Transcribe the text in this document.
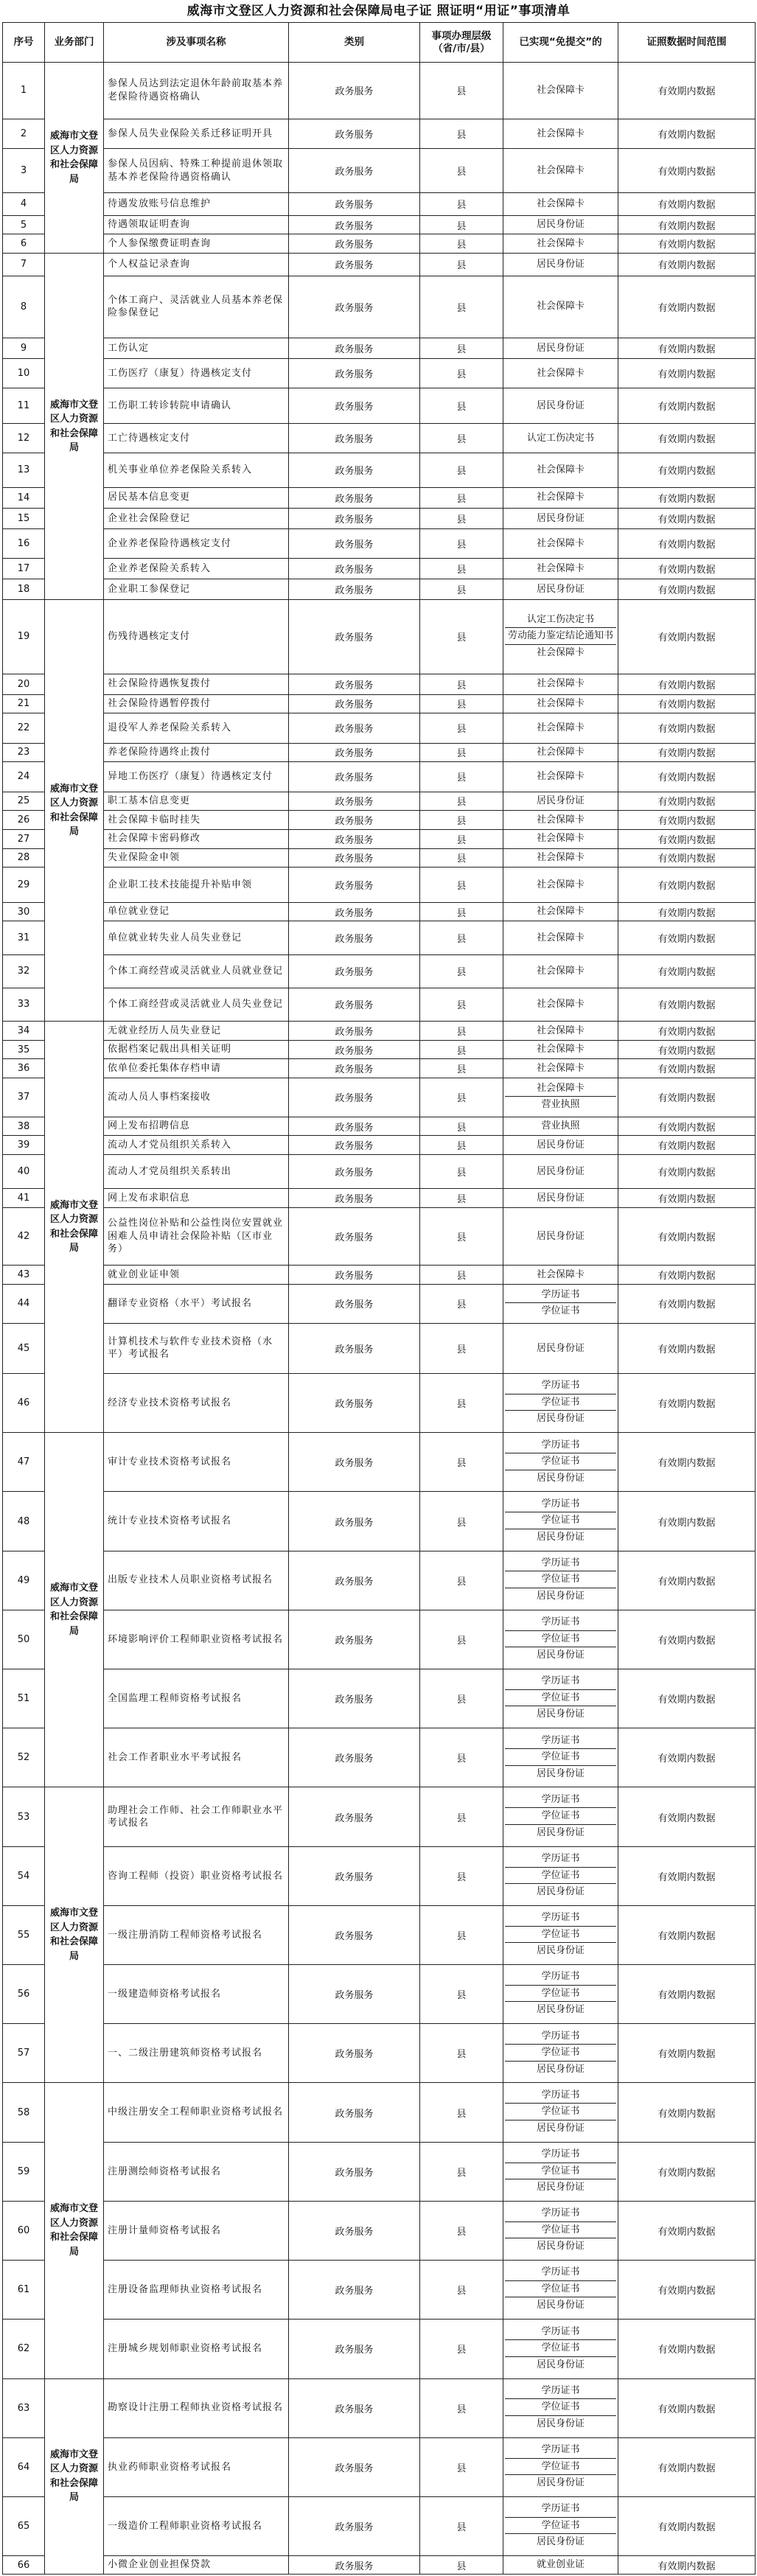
威海市文登区人力资源和社会保障局电子证 照证明“用证”事项清单
序号	业务部门	涉及事项名称	类别	事项办理层级（省/市/县）	已实现“免提交”的	证照数据时间范围
1	威海市文登区人力资源和社会保障局	参保人员达到法定退休年龄前取基本养老保险待遇资格确认	政务服务	县	社会保障卡	有效期内数据
2		参保人员失业保险关系迁移证明开具	政务服务	县	社会保障卡	有效期内数据
3		参保人员因病、特殊工种提前退休领取基本养老保险待遇资格确认	政务服务	县	社会保障卡	有效期内数据
4		待遇发放账号信息维护	政务服务	县	社会保障卡	有效期内数据
5		待遇领取证明查询	政务服务	县	居民身份证	有效期内数据
6		个人参保缴费证明查询	政务服务	县	社会保障卡	有效期内数据
7	威海市文登区人力资源和社会保障局	个人权益记录查询	政务服务	县	居民身份证	有效期内数据
8		个体工商户、灵活就业人员基本养老保险参保登记	政务服务	县	社会保障卡	有效期内数据
9		工伤认定	政务服务	县	居民身份证	有效期内数据
10		工伤医疗（康复）待遇核定支付	政务服务	县	社会保障卡	有效期内数据
11		工伤职工转诊转院申请确认	政务服务	县	居民身份证	有效期内数据
12		工亡待遇核定支付	政务服务	县	认定工伤决定书	有效期内数据
13		机关事业单位养老保险关系转入	政务服务	县	社会保障卡	有效期内数据
14		居民基本信息变更	政务服务	县	社会保障卡	有效期内数据
15		企业社会保险登记	政务服务	县	居民身份证	有效期内数据
16		企业养老保险待遇核定支付	政务服务	县	社会保障卡	有效期内数据
17		企业养老保险关系转入	政务服务	县	社会保障卡	有效期内数据
18		企业职工参保登记	政务服务	县	居民身份证	有效期内数据
19	威海市文登区人力资源和社会保障局	伤残待遇核定支付	政务服务	县	认定工伤决定书
劳动能力鉴定结论通知书
社会保障卡	有效期内数据
20		社会保险待遇恢复拨付	政务服务	县	社会保障卡	有效期内数据
21		社会保险待遇暂停拨付	政务服务	县	社会保障卡	有效期内数据
22		退役军人养老保险关系转入	政务服务	县	社会保障卡	有效期内数据
23		养老保险待遇终止拨付	政务服务	县	社会保障卡	有效期内数据
24		异地工伤医疗（康复）待遇核定支付	政务服务	县	社会保障卡	有效期内数据
25		职工基本信息变更	政务服务	县	居民身份证	有效期内数据
26		社会保障卡临时挂失	政务服务	县	社会保障卡	有效期内数据
27		社会保障卡密码修改	政务服务	县	社会保障卡	有效期内数据
28		失业保险金申领	政务服务	县	社会保障卡	有效期内数据
29		企业职工技术技能提升补贴申领	政务服务	县	社会保障卡	有效期内数据
30		单位就业登记	政务服务	县	社会保障卡	有效期内数据
31		单位就业转失业人员失业登记	政务服务	县	社会保障卡	有效期内数据
32		个体工商经营或灵活就业人员就业登记	政务服务	县	社会保障卡	有效期内数据
33		个体工商经营或灵活就业人员失业登记	政务服务	县	社会保障卡	有效期内数据
34	威海市文登区人力资源和社会保障局	无就业经历人员失业登记	政务服务	县	社会保障卡	有效期内数据
35		依据档案记载出具相关证明	政务服务	县	社会保障卡	有效期内数据
36		依单位委托集体存档申请	政务服务	县	社会保障卡	有效期内数据
37		流动人员人事档案接收	政务服务	县	社会保障卡
营业执照	有效期内数据
38		网上发布招聘信息	政务服务	县	营业执照	有效期内数据
39		流动人才党员组织关系转入	政务服务	县	居民身份证	有效期内数据
40		流动人才党员组织关系转出	政务服务	县	居民身份证	有效期内数据
41		网上发布求职信息	政务服务	县	居民身份证	有效期内数据
42		公益性岗位补贴和公益性岗位安置就业困难人员申请社会保险补贴（区市业务）	政务服务	县	居民身份证	有效期内数据
43		就业创业证申领	政务服务	县	社会保障卡	有效期内数据
44		翻译专业资格（水平）考试报名	政务服务	县	学历证书
学位证书	有效期内数据
45		计算机技术与软件专业技术资格（水平）考试报名	政务服务	县	居民身份证	有效期内数据
46		经济专业技术资格考试报名	政务服务	县	学历证书
学位证书
居民身份证	有效期内数据
47	威海市文登区人力资源和社会保障局	审计专业技术资格考试报名	政务服务	县	学历证书
学位证书
居民身份证	有效期内数据
48		统计专业技术资格考试报名	政务服务	县	学历证书
学位证书
居民身份证	有效期内数据
49		出版专业技术人员职业资格考试报名	政务服务	县	学历证书
学位证书
居民身份证	有效期内数据
50		环境影响评价工程师职业资格考试报名	政务服务	县	学历证书
学位证书
居民身份证	有效期内数据
51		全国监理工程师资格考试报名	政务服务	县	学历证书
学位证书
居民身份证	有效期内数据
52		社会工作者职业水平考试报名	政务服务	县	学历证书
学位证书
居民身份证	有效期内数据
53	威海市文登区人力资源和社会保障局	助理社会工作师、社会工作师职业水平考试报名	政务服务	县	学历证书
学位证书
居民身份证	有效期内数据
54		咨询工程师（投资）职业资格考试报名	政务服务	县	学历证书
学位证书
居民身份证	有效期内数据
55		一级注册消防工程师资格考试报名	政务服务	县	学历证书
学位证书
居民身份证	有效期内数据
56		一级建造师资格考试报名	政务服务	县	学历证书
学位证书
居民身份证	有效期内数据
57		一、二级注册建筑师资格考试报名	政务服务	县	学历证书
学位证书
居民身份证	有效期内数据
58	威海市文登区人力资源和社会保障局	中级注册安全工程师职业资格考试报名	政务服务	县	学历证书
学位证书
居民身份证	有效期内数据
59		注册测绘师资格考试报名	政务服务	县	学历证书
学位证书
居民身份证	有效期内数据
60		注册计量师资格考试报名	政务服务	县	学历证书
学位证书
居民身份证	有效期内数据
61		注册设备监理师执业资格考试报名	政务服务	县	学历证书
学位证书
居民身份证	有效期内数据
62		注册城乡规划师职业资格考试报名	政务服务	县	学历证书
学位证书
居民身份证	有效期内数据
63	威海市文登区人力资源和社会保障局	勘察设计注册工程师执业资格考试报名	政务服务	县	学历证书
学位证书
居民身份证	有效期内数据
64		执业药师职业资格考试报名	政务服务	县	学历证书
学位证书
居民身份证	有效期内数据
65		一级造价工程师职业资格考试报名	政务服务	县	学历证书
学位证书
居民身份证	有效期内数据
66		小微企业创业担保贷款	政务服务	县	就业创业证	有效期内数据
